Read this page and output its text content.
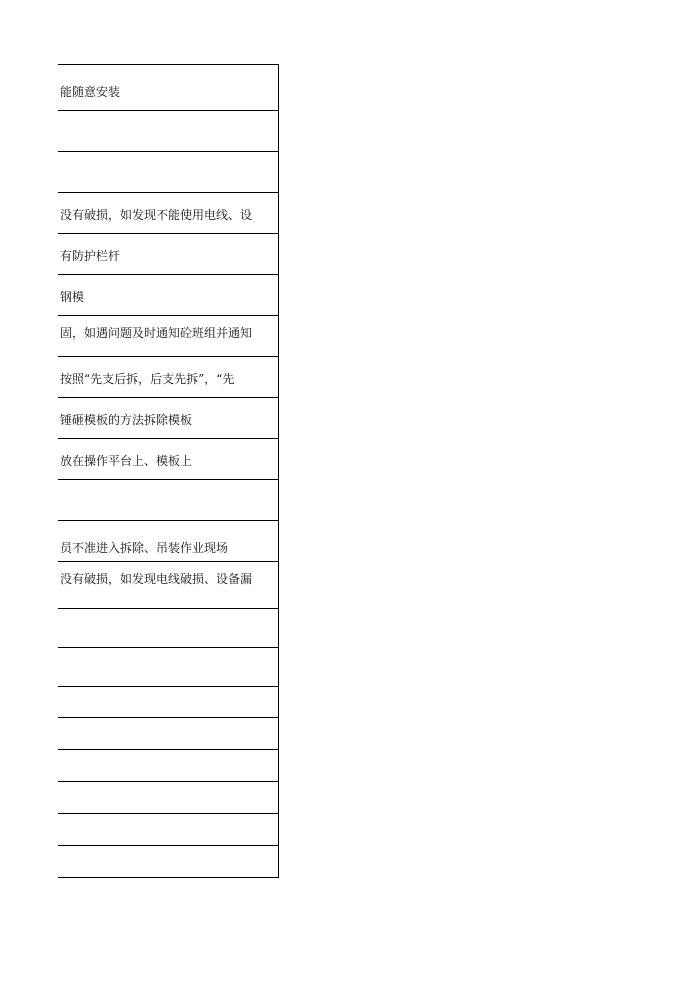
能随意安装
没有破损，如发现不能使用电线、设
有防护栏杆
钢模
固，如遇问题及时通知砼班组并通知
按照“先支后拆，后支先拆”，“先
锤砸模板的方法拆除模板
放在操作平台上、模板上
员不准进入拆除、吊装作业现场
没有破损，如发现电线破损、设备漏
